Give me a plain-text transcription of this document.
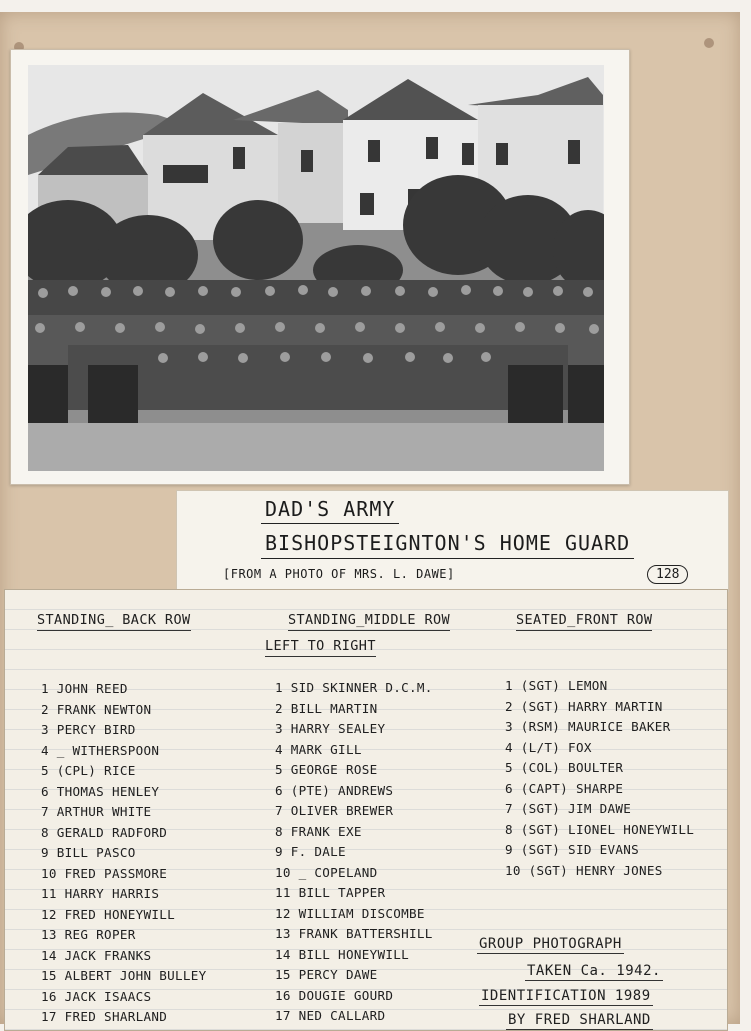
DAD'S ARMY
BISHOPSTEIGNTON'S HOME GUARD
[FROM A PHOTO OF MRS. L. DAWE]	128
STANDING_ BACK ROW	STANDING_MIDDLE ROW	SEATED_FRONT ROW
LEFT TO RIGHT
1 JOHN REED
2 FRANK NEWTON
3 PERCY BIRD
4 _ WITHERSPOON
5 (CPL) RICE
6 THOMAS HENLEY
7 ARTHUR WHITE
8 GERALD RADFORD
9 BILL PASCO
10 FRED PASSMORE
11 HARRY HARRIS
12 FRED HONEYWILL
13 REG ROPER
14 JACK FRANKS
15 ALBERT JOHN BULLEY
16 JACK ISAACS
17 FRED SHARLAND
1 SID SKINNER D.C.M.
2 BILL MARTIN
3 HARRY SEALEY
4 MARK GILL
5 GEORGE ROSE
6 (PTE) ANDREWS
7 OLIVER BREWER
8 FRANK EXE
9 F. DALE
10 _ COPELAND
11 BILL TAPPER
12 WILLIAM DISCOMBE
13 FRANK BATTERSHILL
14 BILL HONEYWILL
15 PERCY DAWE
16 DOUGIE GOURD
17 NED CALLARD
1 (SGT) LEMON
2 (SGT) HARRY MARTIN
3 (RSM) MAURICE BAKER
4 (L/T) FOX
5 (COL) BOULTER
6 (CAPT) SHARPE
7 (SGT) JIM DAWE
8 (SGT) LIONEL HONEYWILL
9 (SGT) SID EVANS
10 (SGT) HENRY JONES
GROUP PHOTOGRAPH
TAKEN Ca. 1942.
IDENTIFICATION 1989
BY FRED SHARLAND
